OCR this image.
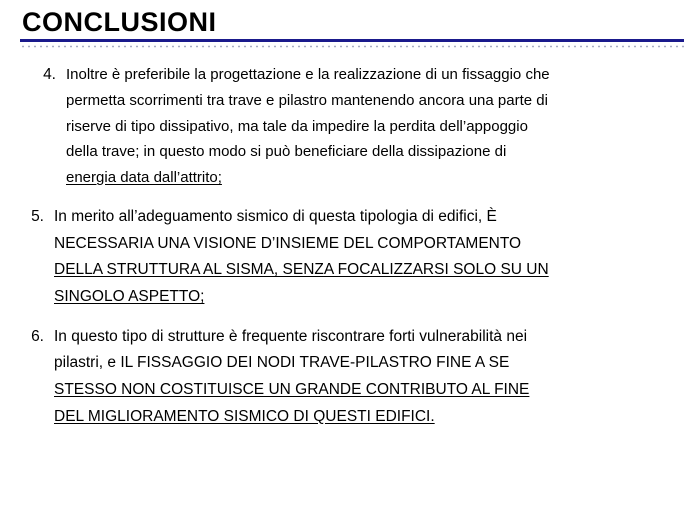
CONCLUSIONI
4. Inoltre è preferibile la progettazione e la realizzazione di un fissaggio che
permetta scorrimenti tra trave e pilastro mantenendo ancora una parte di
riserve di tipo dissipativo, ma tale da impedire la perdita dell’appoggio
della trave; in questo modo si può beneficiare della dissipazione di
energia data dall’attrito;
5. In merito all’adeguamento sismico di questa tipologia di edifici, È
NECESSARIA UNA VISIONE D’INSIEME DEL COMPORTAMENTO
DELLA STRUTTURA AL SISMA, SENZA FOCALIZZARSI SOLO SU UN
SINGOLO ASPETTO;
6. In questo tipo di strutture è frequente riscontrare forti vulnerabilità nei
pilastri, e IL FISSAGGIO DEI NODI TRAVE-PILASTRO FINE A SE
STESSO NON COSTITUISCE UN GRANDE CONTRIBUTO AL FINE
DEL MIGLIORAMENTO SISMICO DI QUESTI EDIFICI.
